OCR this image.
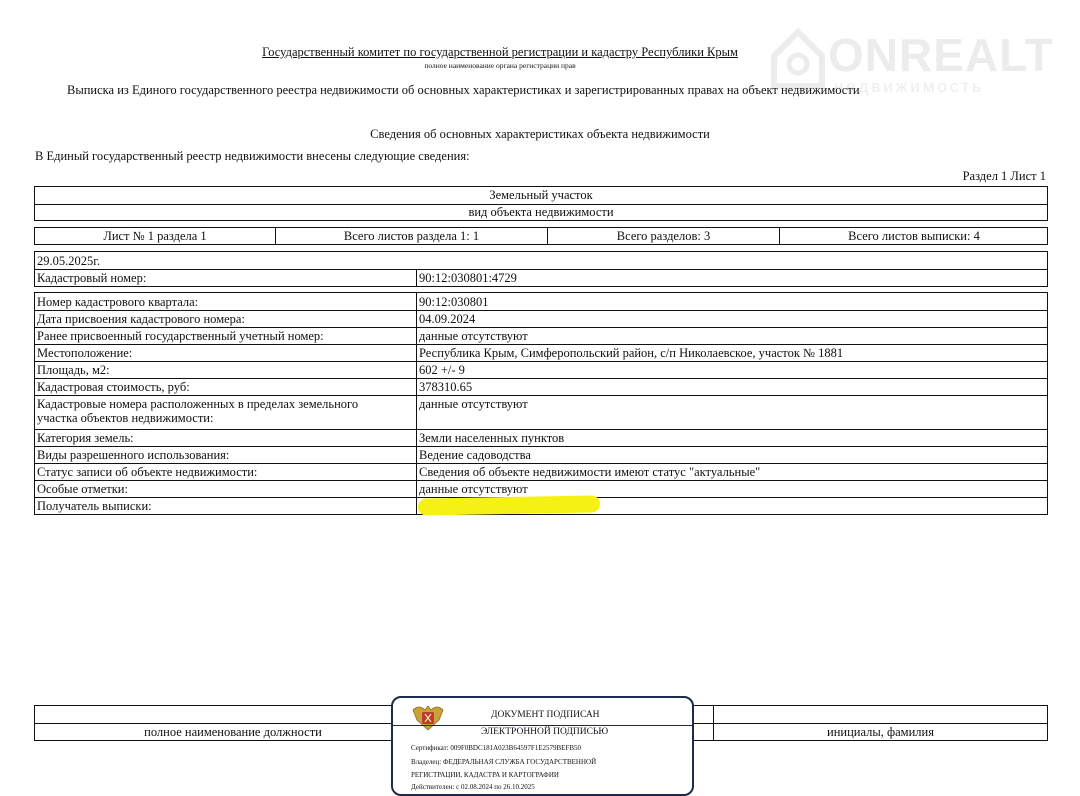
ONREALT
недвижимость
Государственный комитет по государственной регистрации и кадастру Республики Крым
полное наименование органа регистрации прав
Выписка из Единого государственного реестра недвижимости об основных характеристиках и зарегистрированных правах на объект недвижимости
Сведения об основных характеристиках объекта недвижимости
В Единый государственный реестр недвижимости внесены следующие сведения:
Раздел 1 Лист 1
Земельный участок
вид объекта недвижимости
Лист № 1 раздела 1	Всего листов раздела 1: 1	Всего разделов: 3	Всего листов выписки: 4
29.05.2025г.
Кадастровый номер:	90:12:030801:4729
Номер кадастрового квартала:	90:12:030801
Дата присвоения кадастрового номера:	04.09.2024
Ранее присвоенный государственный учетный номер:	данные отсутствуют
Местоположение:	Республика Крым, Симферопольский район, с/п Николаевское, участок № 1881
Площадь, м2:	602 +/- 9
Кадастровая стоимость, руб:	378310.65
Кадастровые номера расположенных в пределах земельного
участка объектов недвижимости:
данные отсутствуют
Категория земель:	Земли населенных пунктов
Виды разрешенного использования:	Ведение садоводства
Статус записи об объекте недвижимости:	Сведения об объекте недвижимости имеют статус "актуальные"
Особые отметки:	данные отсутствуют
Получатель выписки:
полное наименование должности	инициалы, фамилия
ДОКУМЕНТ ПОДПИСАН
ЭЛЕКТРОННОЙ ПОДПИСЬЮ
Сертификат: 009F0BDC181A023B64597F1E2579BEFB50
Владелец: ФЕДЕРАЛЬНАЯ СЛУЖБА ГОСУДАРСТВЕННОЙ
РЕГИСТРАЦИИ, КАДАСТРА И КАРТОГРАФИИ
Действителен: с 02.08.2024 по 26.10.2025
